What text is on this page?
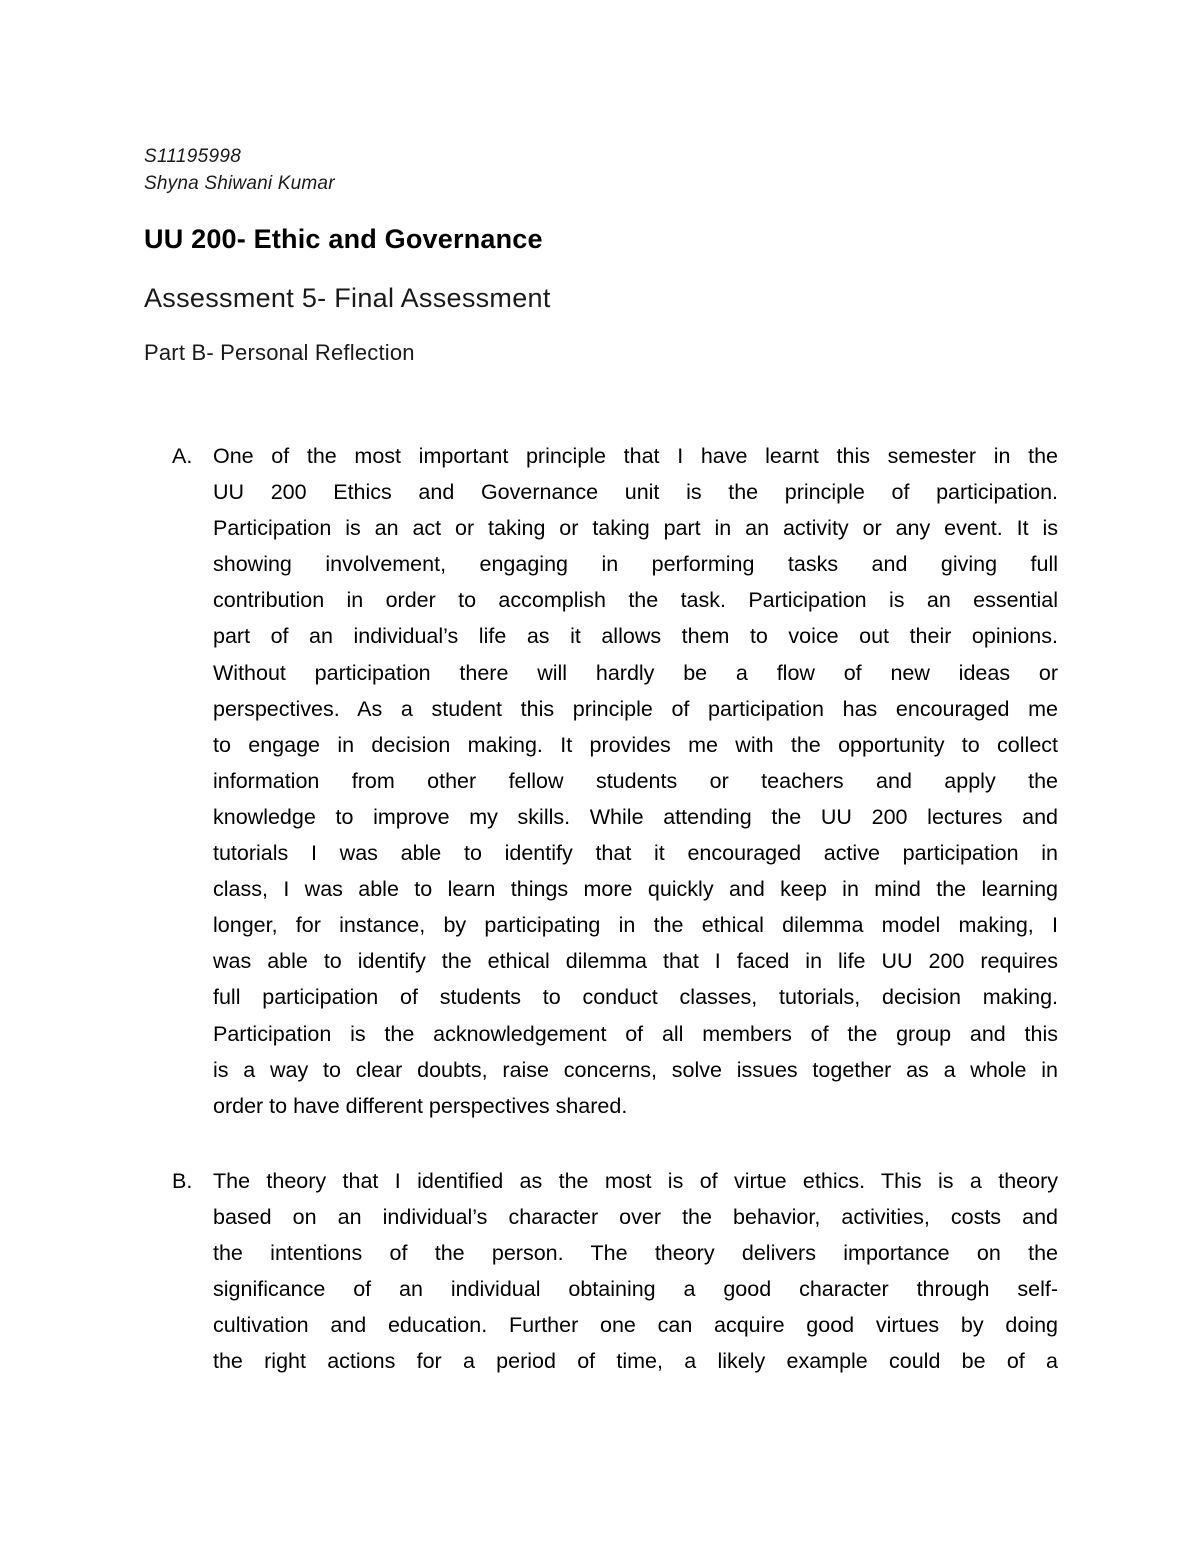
S11195998
Shyna Shiwani Kumar
UU 200- Ethic and Governance
Assessment 5- Final Assessment
Part B- Personal Reflection
A. One of the most important principle that I have learnt this semester in the
UU 200 Ethics and Governance unit is the principle of participation.
Participation is an act or taking or taking part in an activity or any event. It is
showing involvement, engaging in performing tasks and giving full
contribution in order to accomplish the task. Participation is an essential
part of an individual’s life as it allows them to voice out their opinions.
Without participation there will hardly be a flow of new ideas or
perspectives. As a student this principle of participation has encouraged me
to engage in decision making. It provides me with the opportunity to collect
information from other fellow students or teachers and apply the
knowledge to improve my skills. While attending the UU 200 lectures and
tutorials I was able to identify that it encouraged active participation in
class, I was able to learn things more quickly and keep in mind the learning
longer, for instance, by participating in the ethical dilemma model making, I
was able to identify the ethical dilemma that I faced in life UU 200 requires
full participation of students to conduct classes, tutorials, decision making.
Participation is the acknowledgement of all members of the group and this
is a way to clear doubts, raise concerns, solve issues together as a whole in
order to have different perspectives shared.
B. The theory that I identified as the most is of virtue ethics. This is a theory
based on an individual’s character over the behavior, activities, costs and
the intentions of the person. The theory delivers importance on the
significance of an individual obtaining a good character through self-
cultivation and education. Further one can acquire good virtues by doing
the right actions for a period of time, a likely example could be of a
